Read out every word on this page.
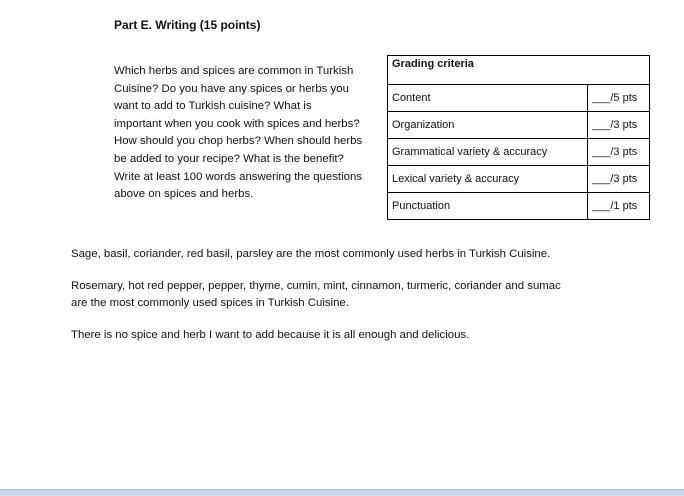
Part E. Writing (15 points)
Which herbs and spices are common in Turkish
Cuisine? Do you have any spices or herbs you
want to add to Turkish cuisine? What is
important when you cook with spices and herbs?
How should you chop herbs? When should herbs
be added to your recipe? What is the benefit?
Write at least 100 words answering the questions
above on spices and herbs.
Grading criteria	
Content	___/5 pts
Organization	___/3 pts
Grammatical variety & accuracy	___/3 pts
Lexical variety & accuracy	___/3 pts
Punctuation	___/1 pts
Sage, basil, coriander, red basil, parsley are the most commonly used herbs in Turkish Cuisine.
Rosemary, hot red pepper, pepper, thyme, cumin, mint, cinnamon, turmeric, coriander and sumac
are the most commonly used spices in Turkish Cuisine.
There is no spice and herb I want to add because it is all enough and delicious.
